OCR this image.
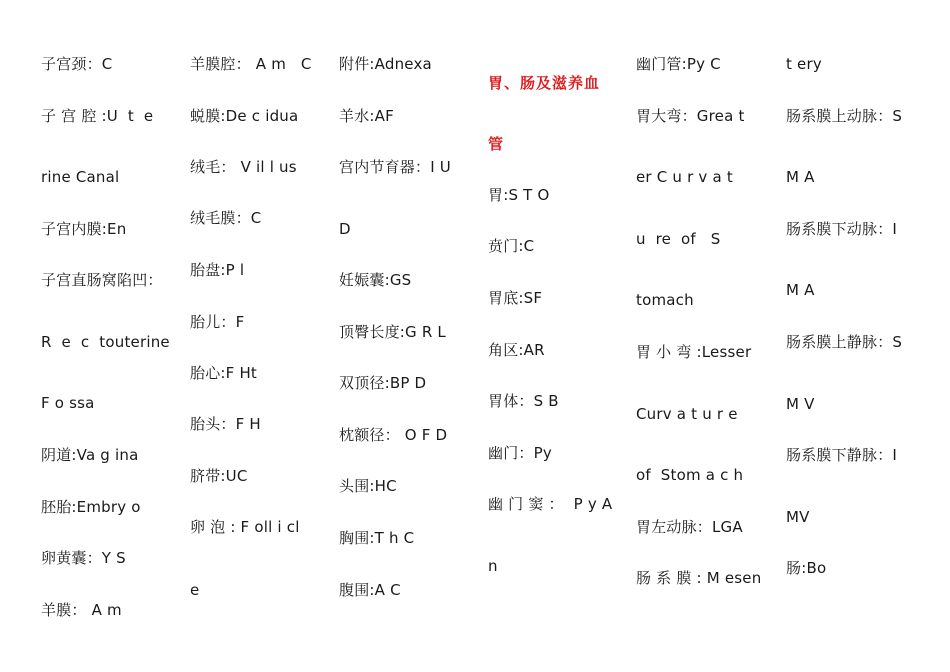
子宫颈：C
子 宫 腔 :U  t  e
rine Canal
子宫内膜:En
子宫直肠窝陷凹：
R  e  c  touterine
F o ssa
阴道:Va g ina
胚胎:Embry o
卵黄囊：Y S
羊膜： A m
羊膜腔： A m   C
蜕膜:De c idua
绒毛： V il l us
绒毛膜：C
胎盘:P l
胎儿：F
胎心:F Ht
胎头：F H
脐带:UC
卵 泡 : F oll i cl
e
附件:Adnexa
羊水:AF
宫内节育器：I U
D
妊娠囊:GS
顶臀长度:G R L
双顶径:BP D
枕额径： O F D
头围:HC
胸围:T h C
腹围:A C
胃、肠及滋养血
管
胃:S T O
贲门:C
胃底:SF
角区:AR
胃体：S B
幽门：Py
幽 门 窦 ：  P y A
n
幽门管:Py C
胃大弯：Grea t
er C u r v a t
u  re  of   S
tomach
胃 小 弯 :Lesser
Curv a t u r e
of  Stom a c h
胃左动脉：LGA
肠 系 膜 : M esen
t ery
肠系膜上动脉：S
M A
肠系膜下动脉：I
M A
肠系膜上静脉：S
M V
肠系膜下静脉：I
MV
肠:Bo
